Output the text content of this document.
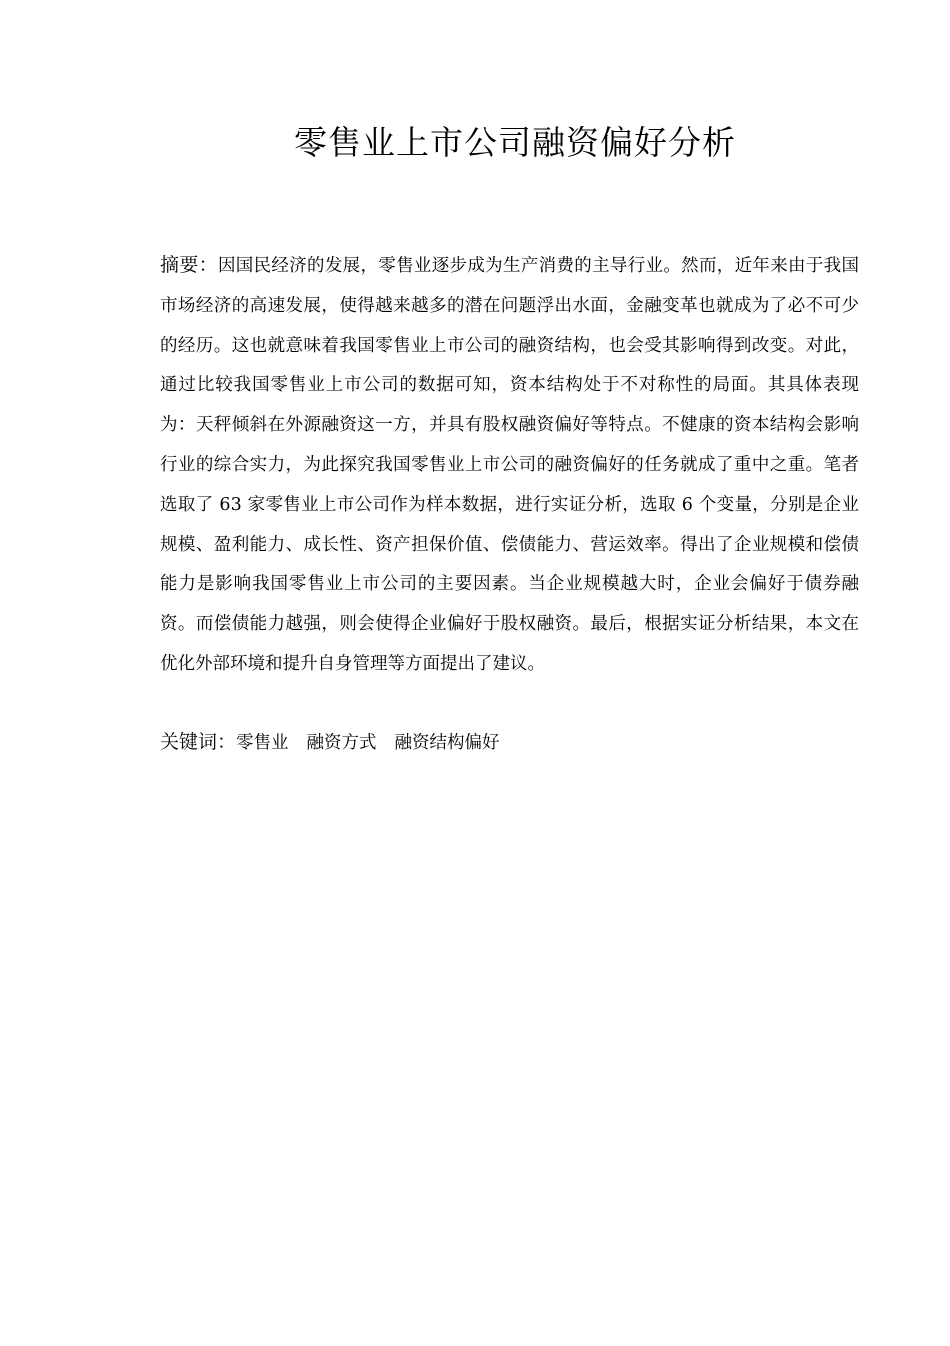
零售业上市公司融资偏好分析

摘要：因国民经济的发展，零售业逐步成为生产消费的主导行业。然而，近年来由于我国市场经济的高速发展，使得越来越多的潜在问题浮出水面，金融变革也就成为了必不可少的经历。这也就意味着我国零售业上市公司的融资结构，也会受其影响得到改变。对此，通过比较我国零售业上市公司的数据可知，资本结构处于不对称性的局面。其具体表现为：天秤倾斜在外源融资这一方，并具有股权融资偏好等特点。不健康的资本结构会影响行业的综合实力，为此探究我国零售业上市公司的融资偏好的任务就成了重中之重。笔者选取了 63 家零售业上市公司作为样本数据，进行实证分析，选取 6 个变量，分别是企业规模、盈利能力、成长性、资产担保价值、偿债能力、营运效率。得出了企业规模和偿债能力是影响我国零售业上市公司的主要因素。当企业规模越大时，企业会偏好于债券融资。而偿债能力越强，则会使得企业偏好于股权融资。最后，根据实证分析结果，本文在优化外部环境和提升自身管理等方面提出了建议。

关键词：零售业 融资方式 融资结构偏好
